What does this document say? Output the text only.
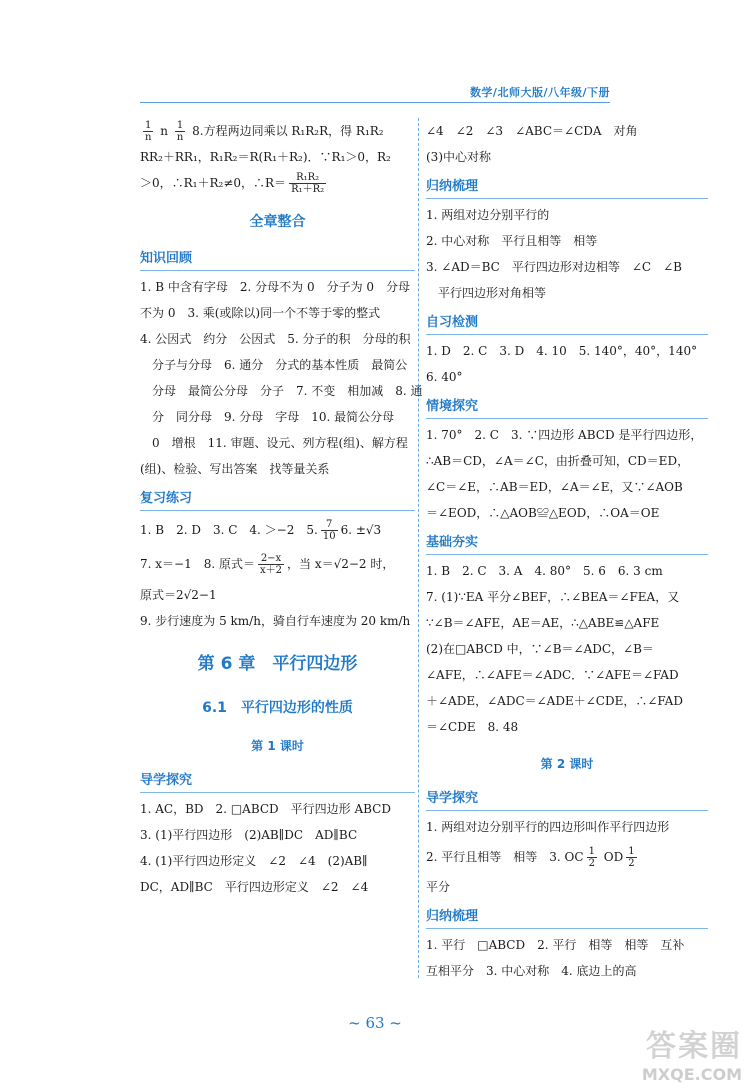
数学/北师大版/八年级/下册
$\frac{1}{n}$ n $\frac{1}{n} 8$.方程两边同乘以 R₁R₂R，得 R₁R₂
RR₂＋RR₁，R₁R₂＝R(R₁＋R₂)．∵R₁＞0，R₂
＞0，∴R₁＋R₂≠0，∴R＝ $\frac{\text{R₁R₂}}{\text{R₁＋R₂}}$
全章整合
知识回顾
1. B 中含有字母　2. 分母不为 0　分子为 0　分母
不为 0　3. 乘(或除以)同一个不等于零的整式
4. 公因式　约分　公因式　5. 分子的积　分母的积
　分子与分母　6. 通分　分式的基本性质　最简公
　分母　最简公分母　分子　7. 不变　相加减　8. 通
　分　同分母　9. 分母　字母　10. 最简公分母
　0　增根　11. 审题、设元、列方程(组)、解方程
(组)、检验、写出答案　找等量关系
复习练习
1. B　2. D　3. C　4. ＞−2　5. $\frac{7}{10} 6$. ±√3
7. x＝−1　8. 原式＝ $\frac{2-x}{x+2}$ ，当 x＝√2−2 时，
原式＝2√2−1
9. 步行速度为 5 km/h，骑自行车速度为 20 km/h
第 6 章　平行四边形
6.1　平行四边形的性质
第 1 课时
导学探究
1. AC，BD　2. □ABCD　平行四边形 ABCD
3. (1)平行四边形　(2)AB∥DC　AD∥BC
4. (1)平行四边形定义　∠2　∠4　(2)AB∥
DC，AD∥BC　平行四边形定义　∠2　∠4
∠4　∠2　∠3　∠ABC＝∠CDA　对角
(3)中心对称
归纳梳理
1. 两组对边分别平行的
2. 中心对称　平行且相等　相等
3. ∠AD＝BC　平行四边形对边相等　∠C　∠B
　平行四边形对角相等
自习检测
1. D　2. C　3. D　4. 10　5. 140°，40°，140°
6. 40°
情境探究
1. 70°　2. C　3. ∵四边形 ABCD 是平行四边形，
∴AB＝CD，∠A＝∠C，由折叠可知，CD＝ED，
∠C＝∠E，∴AB＝ED，∠A＝∠E，又∵∠AOB
＝∠EOD，∴△AOB≌△EOD，∴OA＝OE
基础夯实
1. B　2. C　3. A　4. 80°　5. 6　6. 3 cm
7. (1)∵EA 平分∠BEF，∴∠BEA＝∠FEA，又
∵∠B＝∠AFE，AE＝AE，∴△ABE≌△AFE
(2)在□ABCD 中，∵∠B＝∠ADC，∠B＝
∠AFE，∴∠AFE＝∠ADC．∵∠AFE＝∠FAD
＋∠ADE，∠ADC＝∠ADE＋∠CDE，∴∠FAD
＝∠CDE　8. 48
第 2 课时
导学探究
1. 两组对边分别平行的四边形叫作平行四边形
2. 平行且相等　相等　3. OC $\frac{1}{2}$ OD $\frac{1}{2}$
平分
归纳梳理
1. 平行　□ABCD　2. 平行　相等　相等　互补
互相平分　3. 中心对称　4. 底边上的高
~ 63 ~
答案圈
MXQE.COM
